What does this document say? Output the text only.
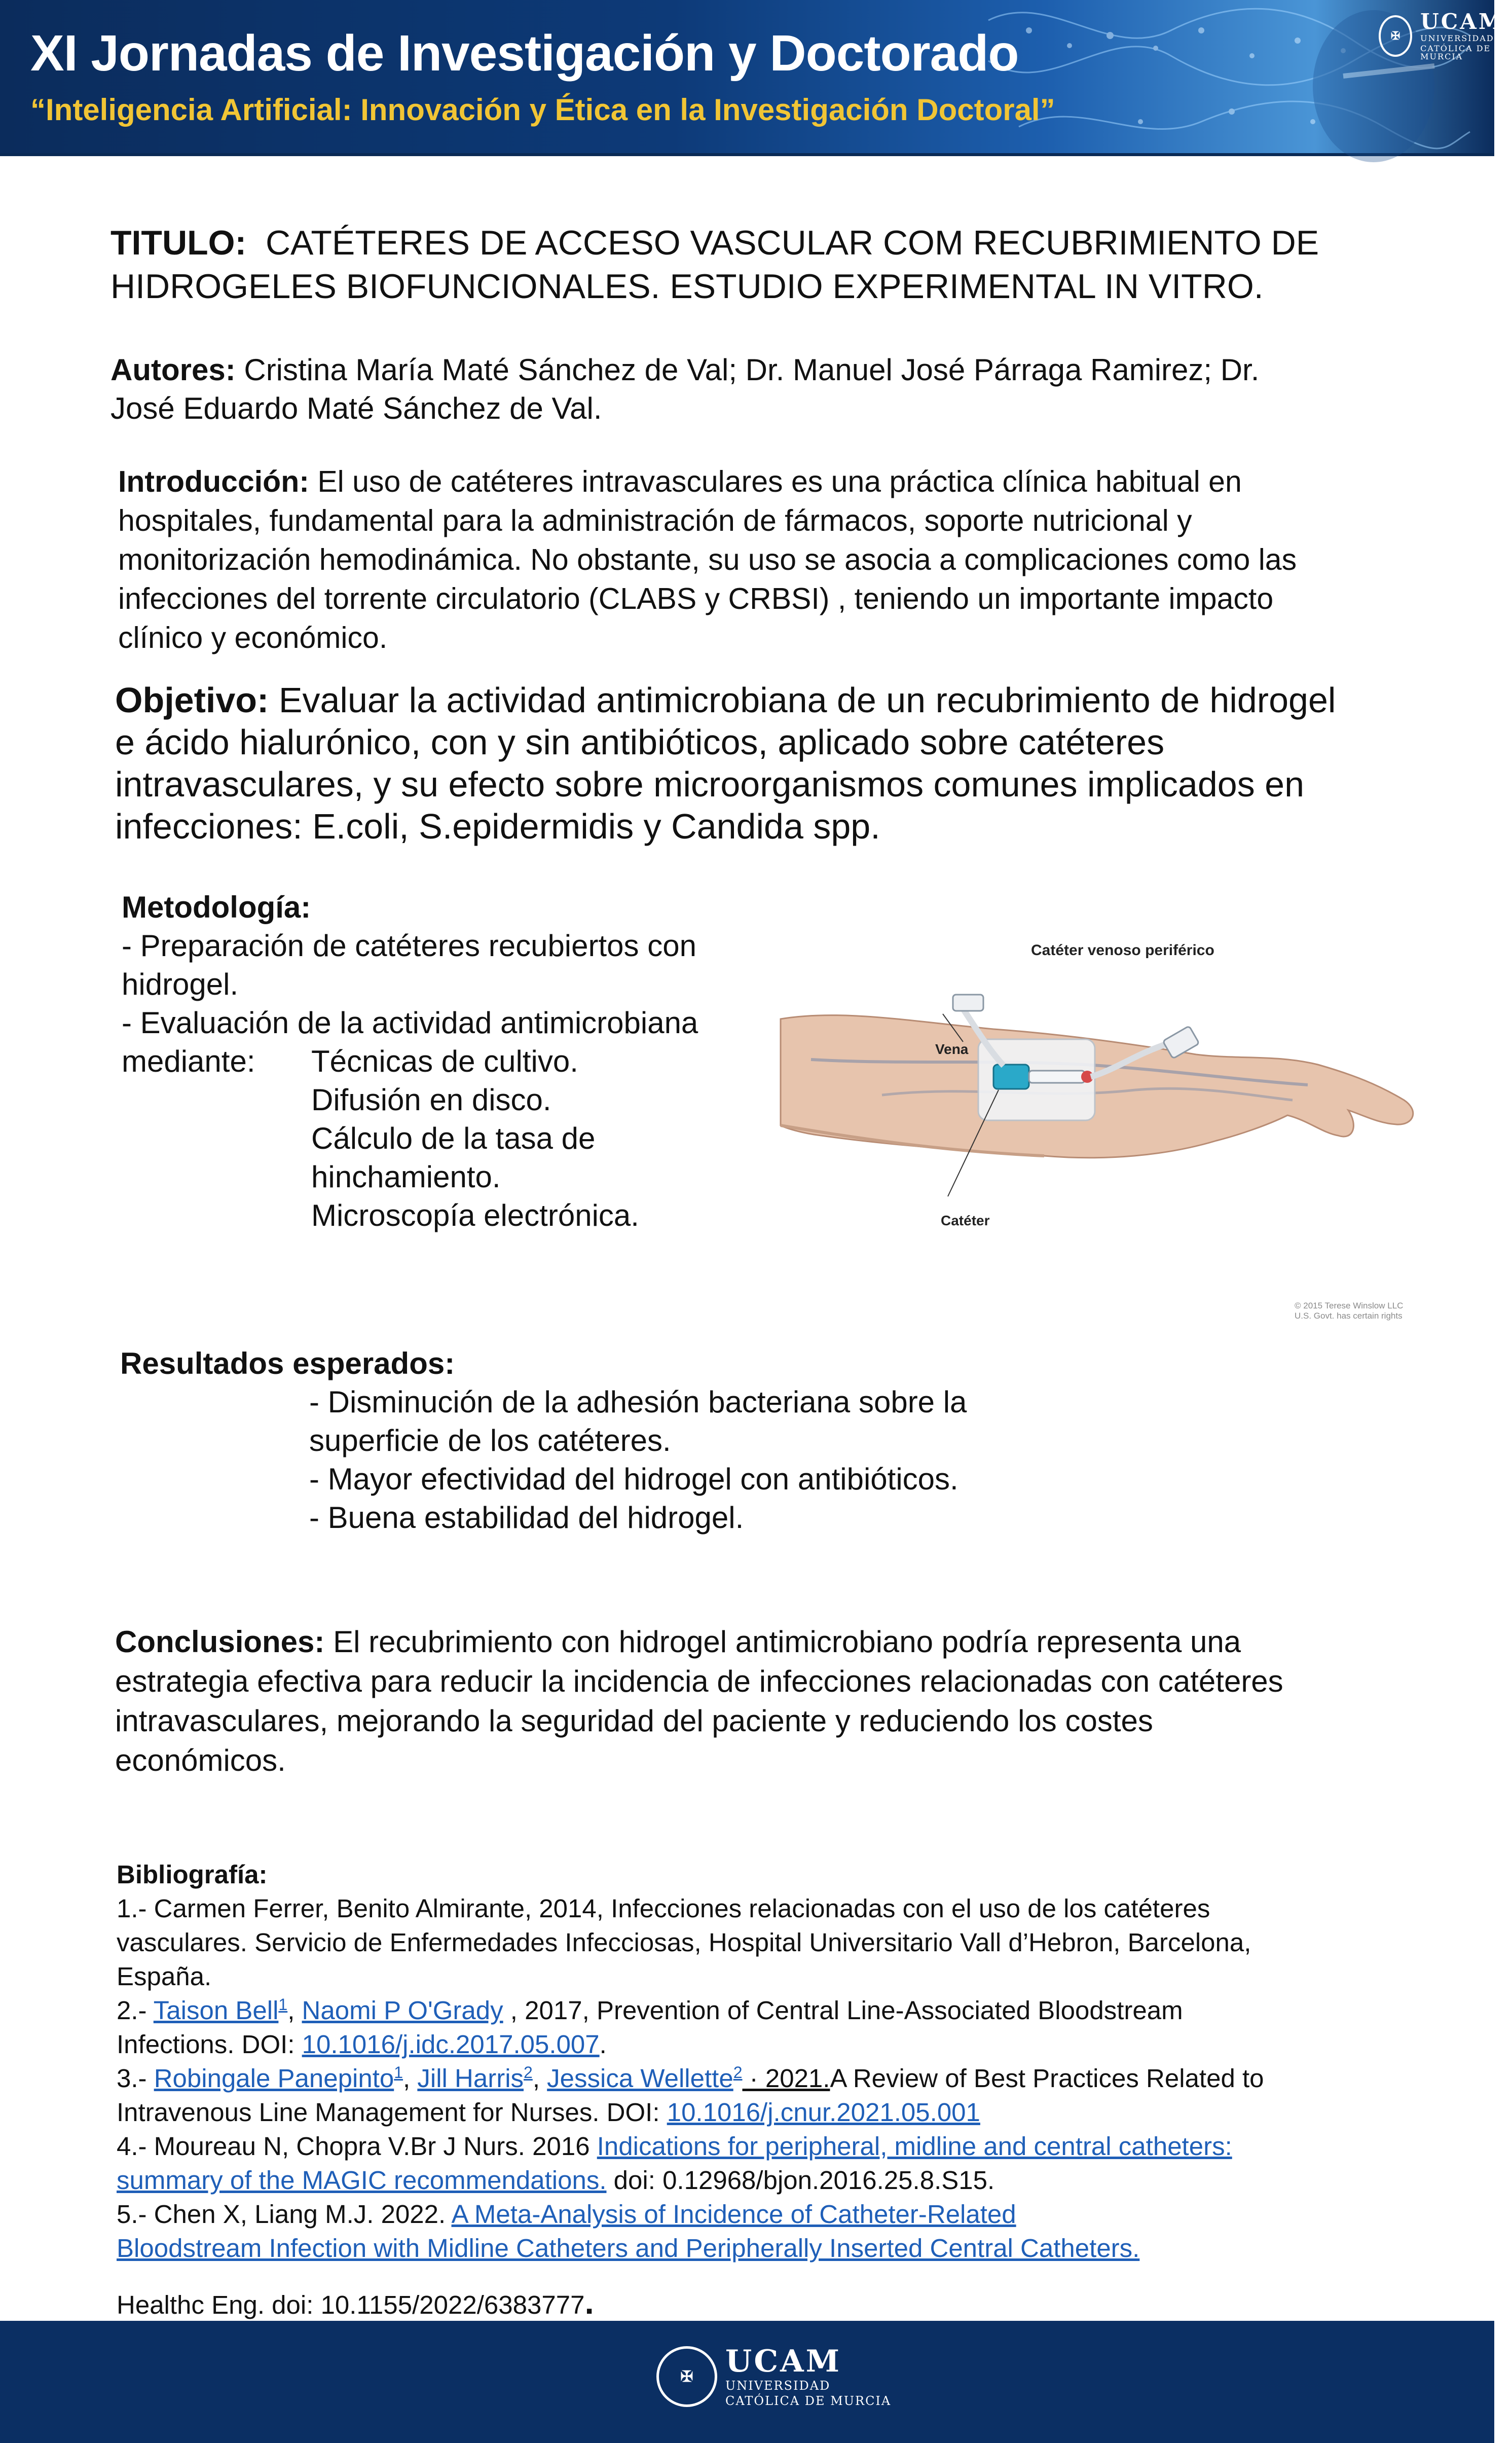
XI Jornadas de Investigación y Doctorado
“Inteligencia Artificial: Innovación y Ética en la Investigación Doctoral”
✠
UCAM
UNIVERSIDAD
CATÓLICA DE MURCIA
TITULO: CATÉTERES DE ACCESO VASCULAR COM RECUBRIMIENTO DE
HIDROGELES BIOFUNCIONALES. ESTUDIO EXPERIMENTAL IN VITRO.
Autores: Cristina María Maté Sánchez de Val; Dr. Manuel José Párraga Ramirez; Dr.
José Eduardo Maté Sánchez de Val.
Introducción: El uso de catéteres intravasculares es una práctica clínica habitual en
hospitales, fundamental para la administración de fármacos, soporte nutricional y
monitorización hemodinámica. No obstante, su uso se asocia a complicaciones como las
infecciones del torrente circulatorio (CLABS y CRBSI) , teniendo un importante impacto
clínico y económico.
Objetivo: Evaluar la actividad antimicrobiana de un recubrimiento de hidrogel
e ácido hialurónico, con y sin antibióticos, aplicado sobre catéteres
intravasculares, y su efecto sobre microorganismos comunes implicados en
infecciones: E.coli, S.epidermidis y Candida spp.
Metodología:
- Preparación de catéteres recubiertos con
hidrogel.
- Evaluación de la actividad antimicrobiana
mediante:	Técnicas de cultivo.
Difusión en disco.
Cálculo de la tasa de
hinchamiento.
Microscopía electrónica.
Catéter venoso periférico
Vena
Catéter
© 2015 Terese Winslow LLC
U.S. Govt. has certain rights
Resultados esperados:
- Disminución de la adhesión bacteriana sobre la
superficie de los catéteres.
- Mayor efectividad del hidrogel con antibióticos.
- Buena estabilidad del hidrogel.
Conclusiones: El recubrimiento con hidrogel antimicrobiano podría representa una
estrategia efectiva para reducir la incidencia de infecciones relacionadas con catéteres
intravasculares, mejorando la seguridad del paciente y reduciendo los costes
económicos.
Bibliografía:
1.- Carmen Ferrer, Benito Almirante, 2014, Infecciones relacionadas con el uso de los catéteres
vasculares. Servicio de Enfermedades Infecciosas, Hospital Universitario Vall d’Hebron, Barcelona,
España.
2.- Taison Bell$^1$, Naomi P O'Grady , 2017, Prevention of Central Line-Associated Bloodstream
Infections. DOI: 10.1016/j.idc.2017.05.007.
3.- Robingale Panepinto$^1$, Jill Harris$^2$, Jessica Wellette$^2$ · 2021.A Review of Best Practices Related to
Intravenous Line Management for Nurses. DOI: 10.1016/j.cnur.2021.05.001
4.- Moureau N, Chopra V.Br J Nurs. 2016 Indications for peripheral, midline and central catheters:
summary of the MAGIC recommendations. doi: 0.12968/bjon.2016.25.8.S15.
5.- Chen X, Liang M.J. 2022. A Meta-Analysis of Incidence of Catheter-Related
Bloodstream Infection with Midline Catheters and Peripherally Inserted Central Catheters.
Healthc Eng. doi: 10.1155/2022/6383777.
✠	UCAM
UNIVERSIDAD
CATÓLICA DE MURCIA
